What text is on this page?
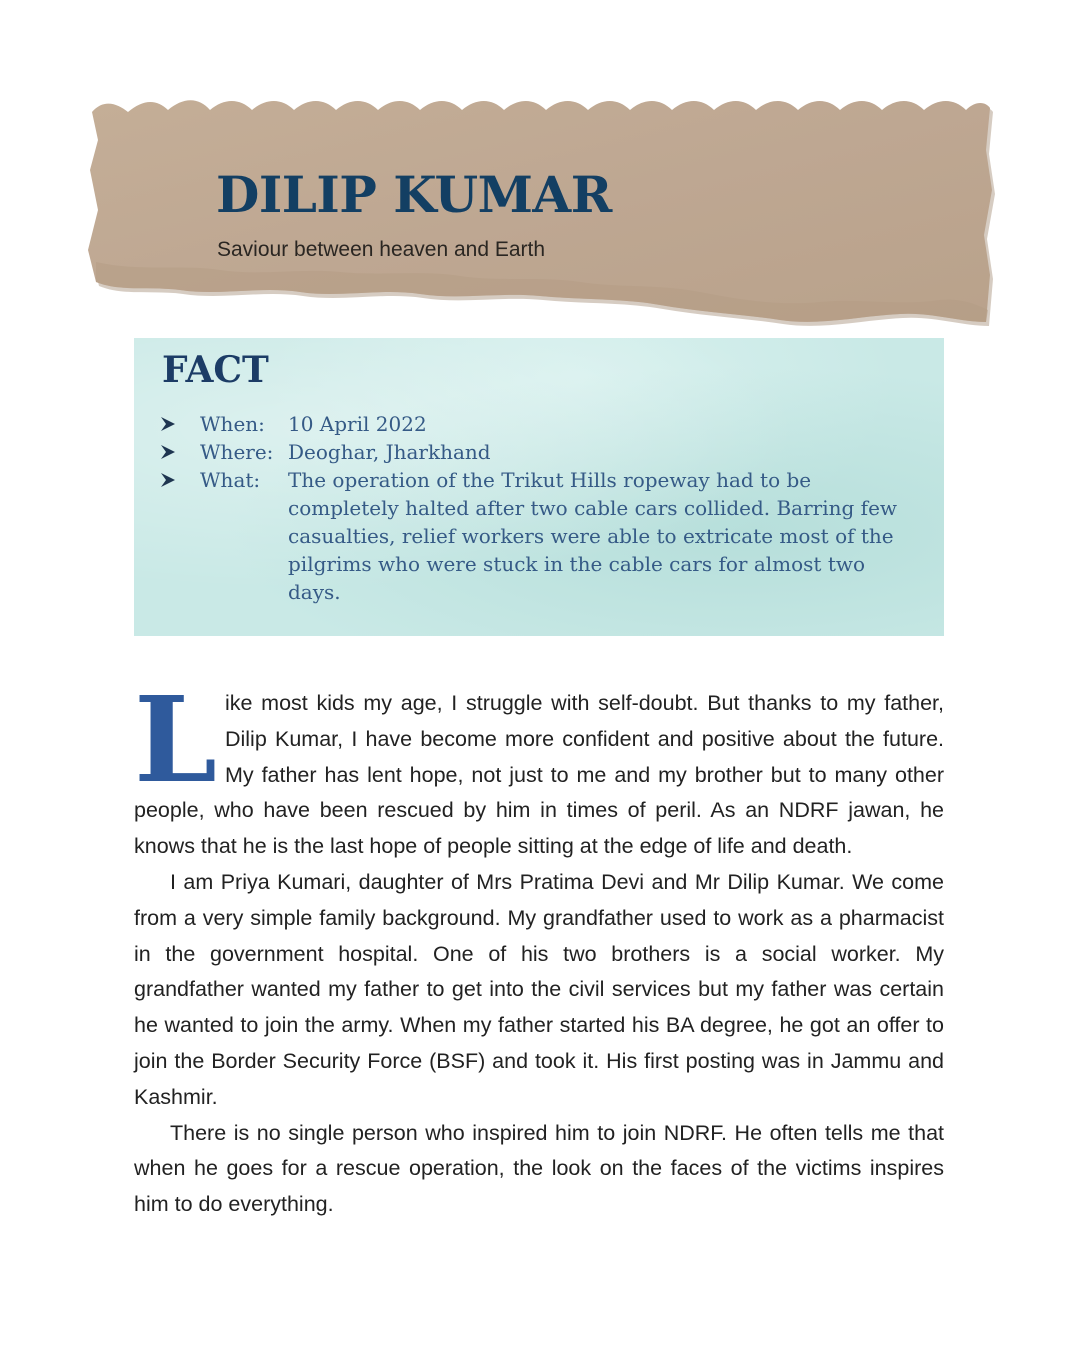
DILIP KUMAR

Saviour between heaven and Earth

FACT
When:	10 April 2022
Where: Deoghar, Jharkhand
What:	The operation of the Trikut Hills ropeway had to be completely halted after two cable cars collided. Barring few casualties, relief workers were able to extricate most of the pilgrims who were stuck in the cable cars for almost two days.

Like most kids my age, I struggle with self-doubt. But thanks to my father, Dilip Kumar, I have become more confident and positive about the future. My father has lent hope, not just to me and my brother but to many other people, who have been rescued by him in times of peril. As an NDRF jawan, he knows that he is the last hope of people sitting at the edge of life and death.

I am Priya Kumari, daughter of Mrs Pratima Devi and Mr Dilip Kumar. We come from a very simple family background. My grandfather used to work as a pharmacist in the government hospital. One of his two brothers is a social worker. My grandfather wanted my father to get into the civil services but my father was certain he wanted to join the army. When my father started his BA degree, he got an offer to join the Border Security Force (BSF) and took it. His first posting was in Jammu and Kashmir.

There is no single person who inspired him to join NDRF. He often tells me that when he goes for a rescue operation, the look on the faces of the victims inspires him to do everything.
